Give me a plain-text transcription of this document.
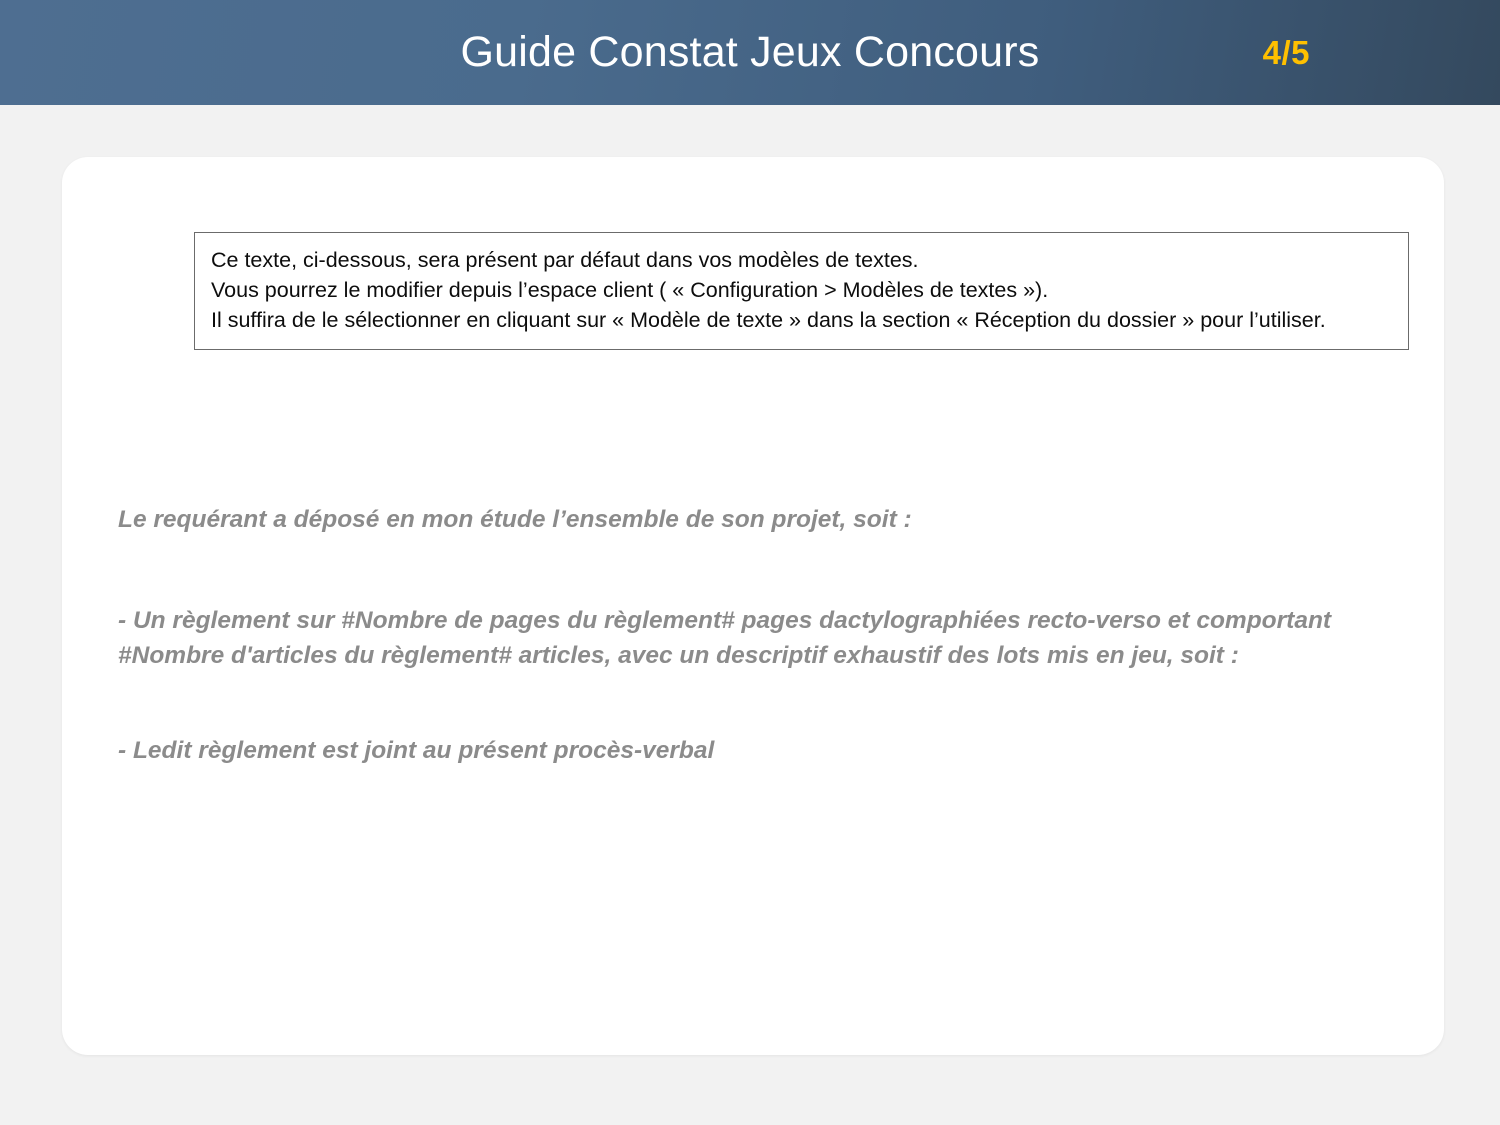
Guide Constat Jeux Concours	4/5
Ce texte, ci-dessous, sera présent par défaut dans vos modèles de textes.
Vous pourrez le modifier depuis l’espace client ( « Configuration > Modèles de textes »).
Il suffira de le sélectionner en cliquant sur « Modèle de texte » dans la section « Réception du dossier » pour l’utiliser.

Le requérant a déposé en mon étude l’ensemble de son projet, soit :

- Un règlement sur #Nombre de pages du règlement# pages dactylographiées recto-verso et comportant #Nombre d'articles du règlement# articles, avec un descriptif exhaustif des lots mis en jeu, soit :

- Ledit règlement est joint au présent procès-verbal
